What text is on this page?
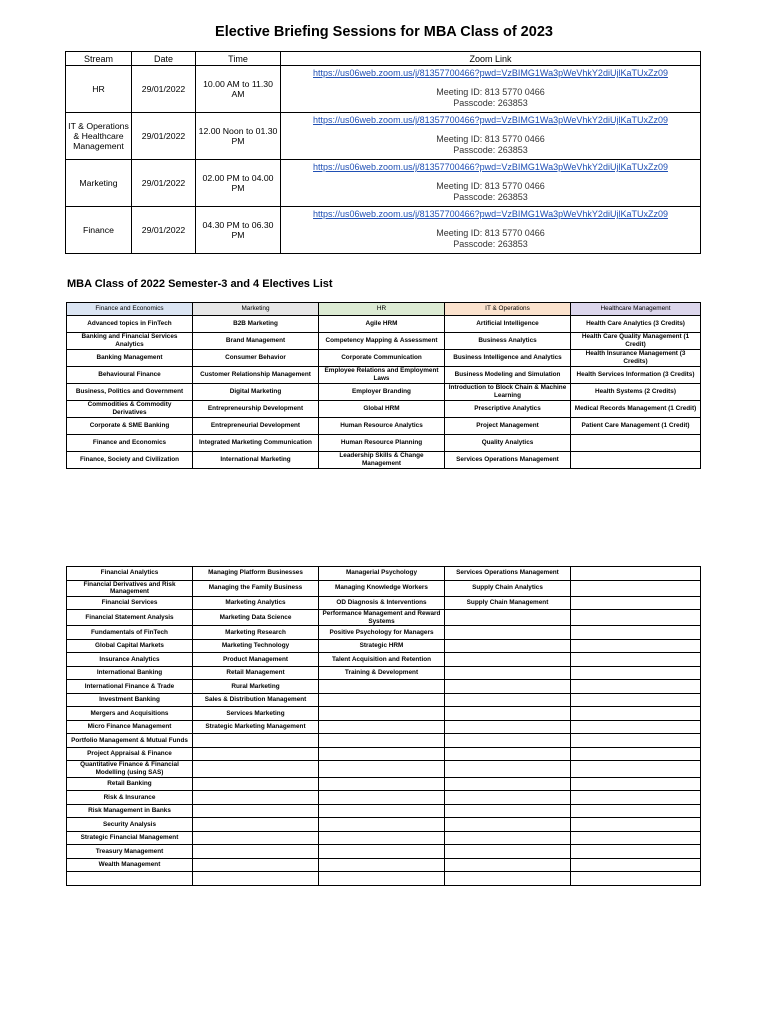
Elective Briefing Sessions for MBA Class of 2023
Stream	Date	Time	Zoom Link
HR	29/01/2022	10.00 AM to 11.30 AM	https://us06web.zoom.us/j/81357700466?pwd=VzBIMG1Wa3pWeVhkY2diUjlKaTUxZz09
Meeting ID: 813 5770 0466
Passcode: 263853

IT & Operations & Healthcare Management	29/01/2022	12.00 Noon to 01.30 PM	https://us06web.zoom.us/j/81357700466?pwd=VzBIMG1Wa3pWeVhkY2diUjlKaTUxZz09
Meeting ID: 813 5770 0466
Passcode: 263853

Marketing	29/01/2022	02.00 PM to 04.00 PM	https://us06web.zoom.us/j/81357700466?pwd=VzBIMG1Wa3pWeVhkY2diUjlKaTUxZz09
Meeting ID: 813 5770 0466
Passcode: 263853

Finance	29/01/2022	04.30 PM to 06.30 PM	https://us06web.zoom.us/j/81357700466?pwd=VzBIMG1Wa3pWeVhkY2diUjlKaTUxZz09
Meeting ID: 813 5770 0466
Passcode: 263853
MBA Class of 2022 Semester-3 and 4 Electives List
Finance and Economics	Marketing	HR	IT & Operations	Healthcare Management
Advanced topics in FinTech	B2B Marketing	Agile HRM	Artificial Intelligence	Health Care Analytics (3 Credits)
Banking and Financial Services Analytics	Brand Management	Competency Mapping & Assessment	Business Analytics	Health Care Quality Management (1 Credit)
Banking Management	Consumer Behavior	Corporate Communication	Business Intelligence and Analytics	Health Insurance Management (3 Credits)
Behavioural Finance	Customer Relationship Management	Employee Relations and Employment Laws	Business Modeling and Simulation	Health Services Information (3 Credits)
Business, Politics and Government	Digital Marketing	Employer Branding	Introduction to Block Chain & Machine Learning	Health Systems (2 Credits)
Commodities & Commodity Derivatives	Entrepreneurship Development	Global HRM	Prescriptive Analytics	Medical Records Management (1 Credit)
Corporate & SME Banking	Entrepreneurial Development	Human Resource Analytics	Project Management	Patient Care Management (1 Credit)
Finance and Economics	Integrated Marketing Communication	Human Resource Planning	Quality Analytics	
Finance, Society and Civilization	International Marketing	Leadership Skills & Change Management	Services Operations Management	
Financial Analytics	Managing Platform Businesses	Managerial Psychology	Services Operations Management	
Financial Derivatives and Risk Management	Managing the Family Business	Managing Knowledge Workers	Supply Chain Analytics	
Financial Services	Marketing Analytics	OD Diagnosis & Interventions	Supply Chain Management	
Financial Statement Analysis	Marketing Data Science	Performance Management and Reward Systems		
Fundamentals of FinTech	Marketing Research	Positive Psychology for Managers		
Global Capital Markets	Marketing Technology	Strategic HRM		
Insurance Analytics	Product Management	Talent Acquisition and Retention		
International Banking	Retail Management	Training & Development		
International Finance & Trade	Rural Marketing			
Investment Banking	Sales & Distribution Management			
Mergers and Acquisitions	Services Marketing			
Micro Finance Management	Strategic Marketing Management			
Portfolio Management & Mutual Funds				
Project Appraisal & Finance				
Quantitative Finance & Financial Modelling (using SAS)				
Retail Banking				
Risk & Insurance				
Risk Management in Banks				
Security Analysis				
Strategic Financial Management				
Treasury Management				
Wealth Management				
